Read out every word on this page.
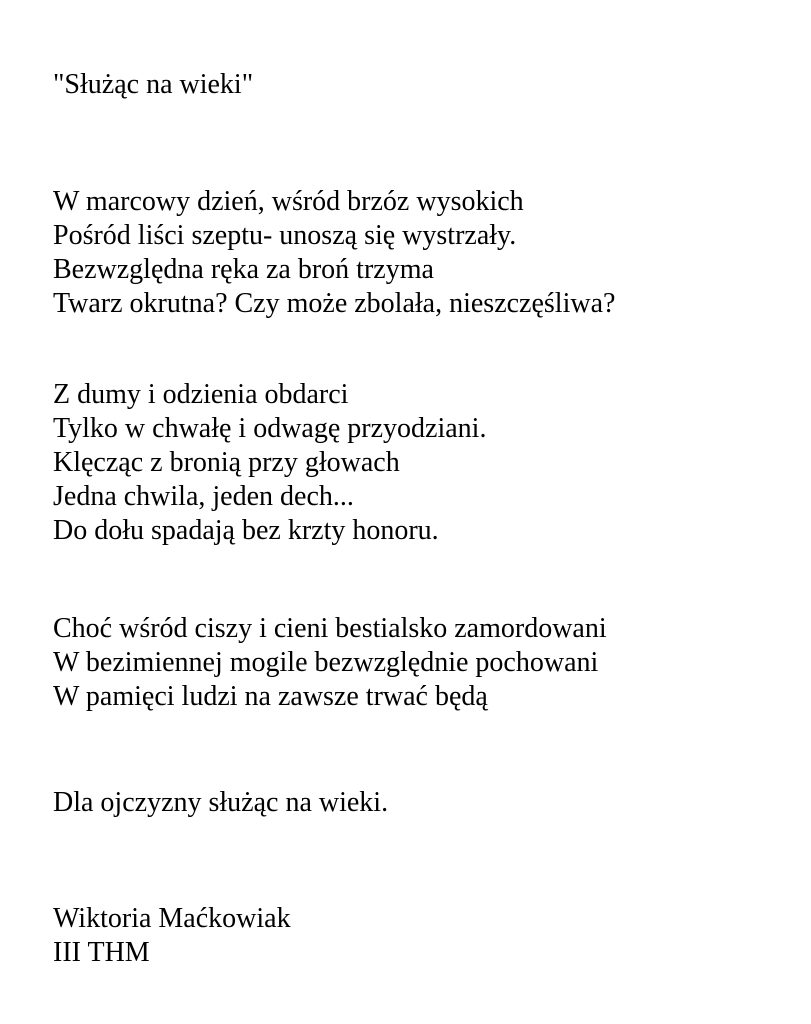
"Służąc na wieki"
W marcowy dzień, wśród brzóz wysokich
Pośród liści szeptu- unoszą się wystrzały.
Bezwzględna ręka za broń trzyma
Twarz okrutna? Czy może zbolała, nieszczęśliwa?
Z dumy i odzienia obdarci
Tylko w chwałę i odwagę przyodziani.
Klęcząc z bronią przy głowach
Jedna chwila, jeden dech...
Do dołu spadają bez krzty honoru.
Choć wśród ciszy i cieni bestialsko zamordowani
W bezimiennej mogile bezwzględnie pochowani
W pamięci ludzi na zawsze trwać będą
Dla ojczyzny służąc na wieki.
Wiktoria Maćkowiak
III THM
